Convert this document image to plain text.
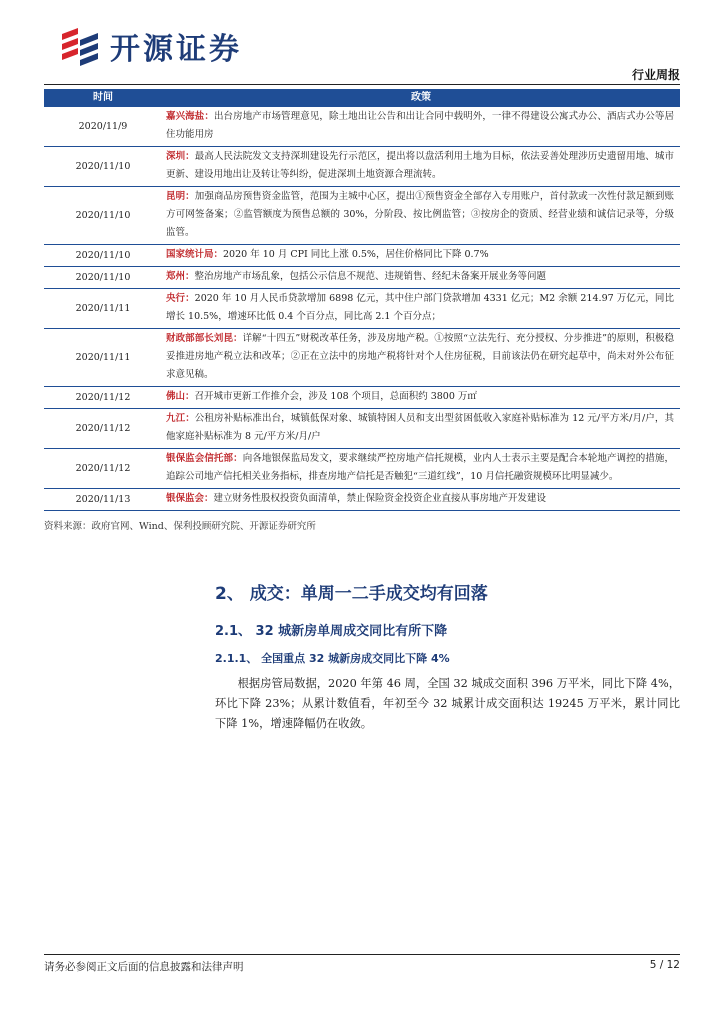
开源证券
行业周报
时间	政策
2020/11/9	嘉兴海盐：出台房地产市场管理意见，除土地出让公告和出让合同中载明外，一律不得建设公寓式办公、酒店式办公等居住功能用房
2020/11/10	深圳：最高人民法院发文支持深圳建设先行示范区，提出将以盘活利用土地为目标，依法妥善处理涉历史遗留用地、城市更新、建设用地出让及转让等纠纷，促进深圳土地资源合理流转。
2020/11/10	昆明：加强商品房预售资金监管，范围为主城中心区，提出①预售资金全部存入专用账户，首付款或一次性付款足额到账方可网签备案；②监管额度为预售总额的 30%，分阶段、按比例监管；③按房企的资质、经营业绩和诚信记录等，分级监管。
2020/11/10	国家统计局：2020 年 10 月 CPI 同比上涨 0.5%，居住价格同比下降 0.7%
2020/11/10	郑州：整治房地产市场乱象，包括公示信息不规范、违规销售、经纪未备案开展业务等问题
2020/11/11	央行：2020 年 10 月人民币贷款增加 6898 亿元，其中住户部门贷款增加 4331 亿元；M2 余额 214.97 万亿元，同比增长 10.5%，增速环比低 0.4 个百分点，同比高 2.1 个百分点；
2020/11/11	财政部部长刘昆：详解“十四五”财税改革任务，涉及房地产税。①按照“立法先行、充分授权、分步推进”的原则，积极稳妥推进房地产税立法和改革；②正在立法中的房地产税将针对个人住房征税，目前该法仍在研究起草中，尚未对外公布征求意见稿。
2020/11/12	佛山：召开城市更新工作推介会，涉及 108 个项目，总面积约 3800 万㎡
2020/11/12	九江：公租房补贴标准出台，城镇低保对象、城镇特困人员和支出型贫困低收入家庭补贴标准为 12 元/平方米/月/户，其他家庭补贴标准为 8 元/平方米/月/户
2020/11/12	银保监会信托部：向各地银保监局发文，要求继续严控房地产信托规模，业内人士表示主要是配合本轮地产调控的措施，追踪公司地产信托相关业务指标，排查房地产信托是否触犯“三道红线”，10 月信托融资规模环比明显减少。
2020/11/13	银保监会：建立财务性股权投资负面清单，禁止保险资金投资企业直接从事房地产开发建设
资料来源：政府官网、Wind、保利投顾研究院、开源证券研究所
2、 成交：单周一二手成交均有回落
2.1、 32 城新房单周成交同比有所下降
2.1.1、 全国重点 32 城新房成交同比下降 4%
根据房管局数据，2020 年第 46 周，全国 32 城成交面积 396 万平米，同比下降 4%，环比下降 23%；从累计数值看，年初至今 32 城累计成交面积达 19245 万平米，累计同比下降 1%，增速降幅仍在收敛。
请务必参阅正文后面的信息披露和法律声明	5 / 12
